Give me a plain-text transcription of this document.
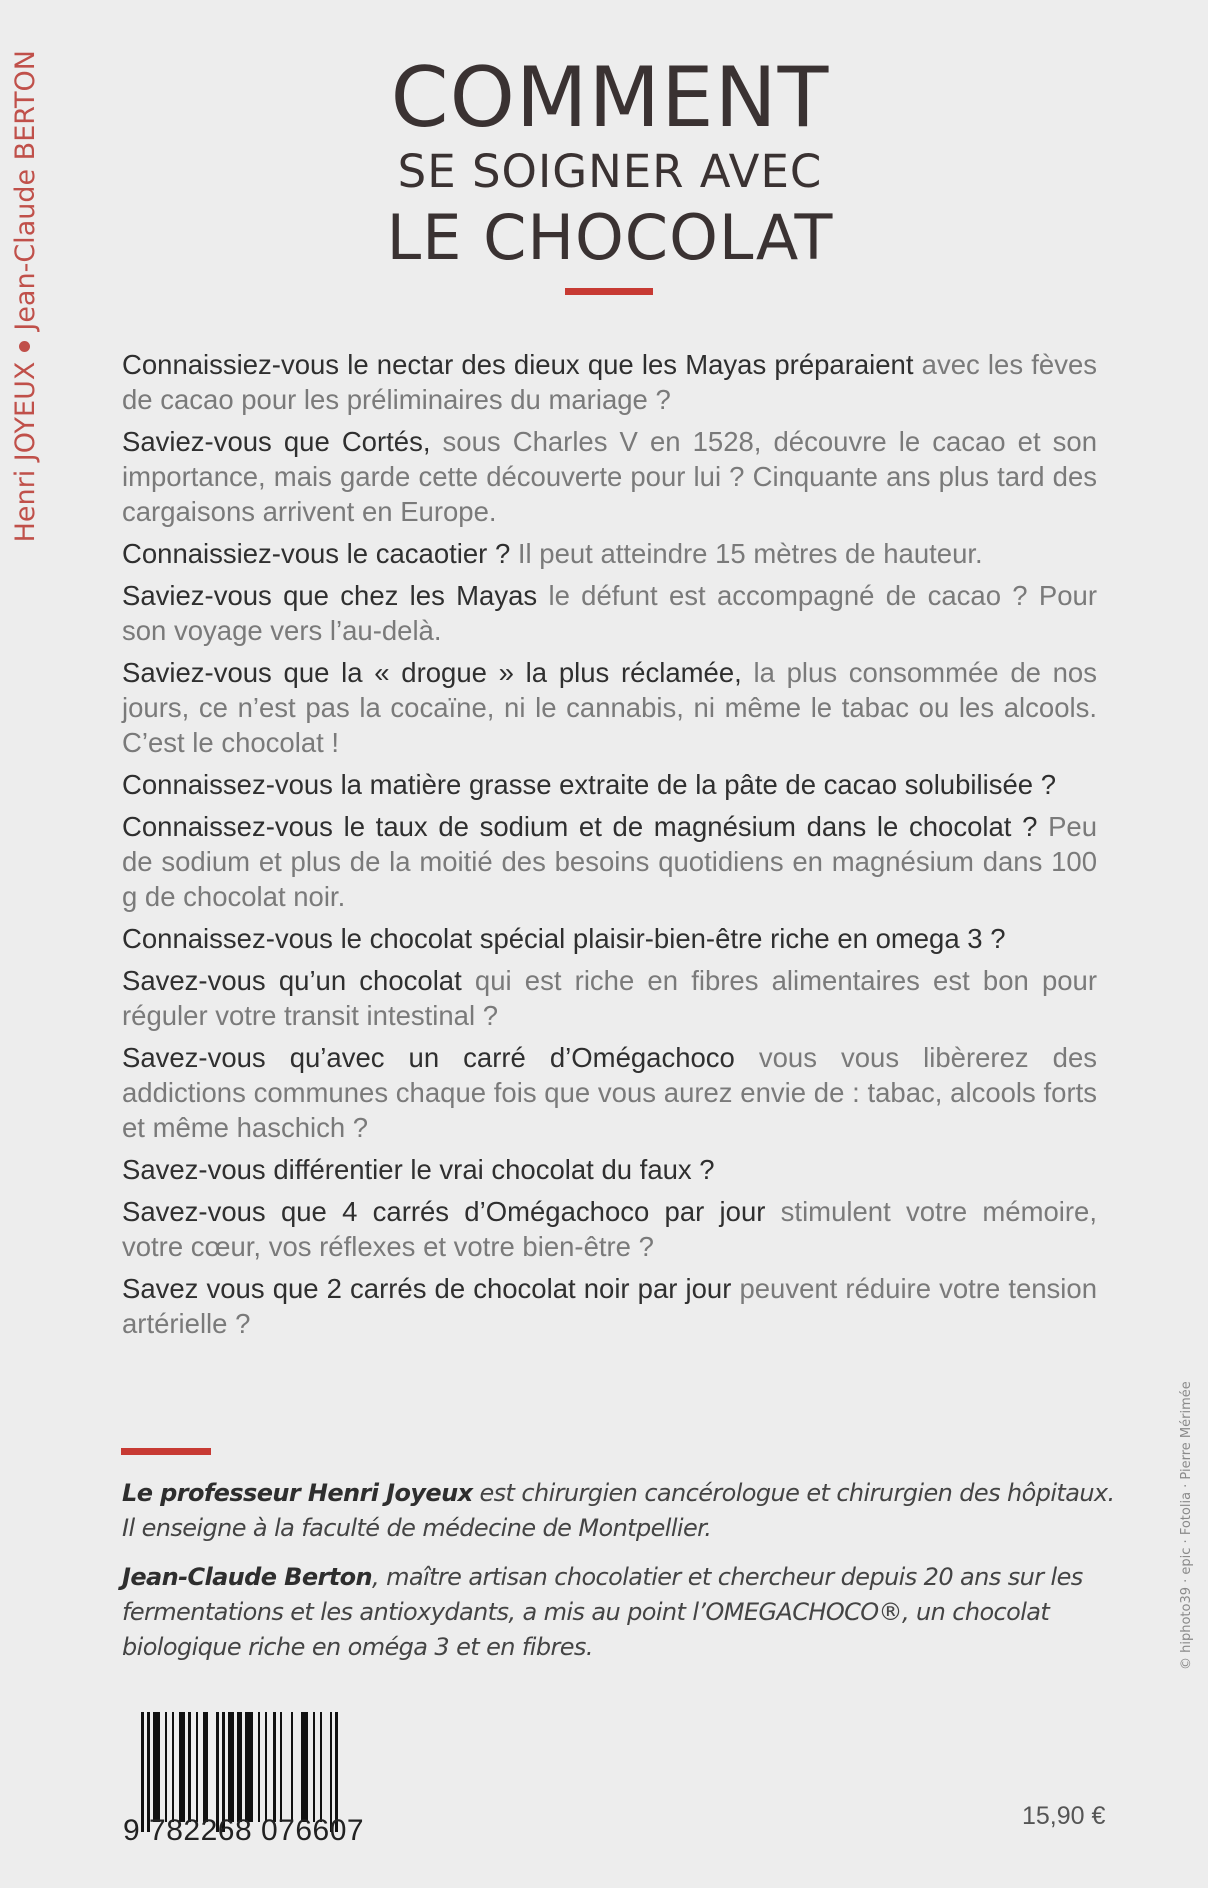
Henri JOYEUXJean-Claude BERTON	COMMENT
SE SOIGNER AVEC
LE CHOCOLAT

Connaissiez-vous le nectar des dieux que les Mayas préparaient avec les fèves de cacao pour les préliminaires du mariage ?

Saviez-vous que Cortés, sous Charles V en 1528, découvre le cacao et son importance, mais garde cette découverte pour lui ? Cinquante ans plus tard des cargaisons arrivent en Europe.

Connaissiez-vous le cacaotier ? Il peut atteindre 15 mètres de hauteur.

Saviez-vous que chez les Mayas le défunt est accompagné de cacao ? Pour son voyage vers l’au-delà.

Saviez-vous que la « drogue » la plus réclamée, la plus consommée de nos jours, ce n’est pas la cocaïne, ni le cannabis, ni même le tabac ou les alcools. C’est le chocolat !

Connaissez-vous la matière grasse extraite de la pâte de cacao solubilisée ?

Connaissez-vous le taux de sodium et de magnésium dans le chocolat ? Peu de sodium et plus de la moitié des besoins quotidiens en magnésium dans 100 g de chocolat noir.

Connaissez-vous le chocolat spécial plaisir-bien-être riche en omega 3 ?

Savez-vous qu’un chocolat qui est riche en fibres alimentaires est bon pour réguler votre transit intestinal ?

Savez-vous qu’avec un carré d’Omégachoco vous vous libèrerez des addictions communes chaque fois que vous aurez envie de : tabac, alcools forts et même haschich ?

Savez-vous différentier le vrai chocolat du faux ?

Savez-vous que 4 carrés d’Omégachoco par jour stimulent votre mémoire, votre cœur, vos réflexes et votre bien-être ?

Savez vous que 2 carrés de chocolat noir par jour peuvent réduire votre tension artérielle ?

Le professeur Henri Joyeux est chirurgien cancérologue et chirurgien des hôpitaux. Il enseigne à la faculté de médecine de Montpellier.

Jean-Claude Berton, maître artisan chocolatier et chercheur depuis 20 ans sur les fermentations et les antioxydants, a mis au point l’OMEGACHOCO®, un chocolat biologique riche en oméga 3 et en fibres.	© hiphoto39 · epic · Fotolia · Pierre Mérimée
9 782268 076607	15,90 €
